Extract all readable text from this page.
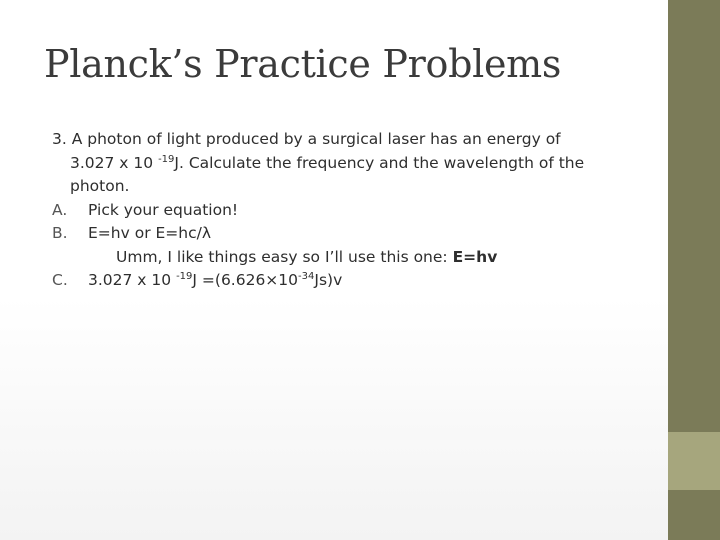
Planck’s Practice Problems
3. A photon of light produced by a surgical laser has an energy of
3.027 x 10 $^{-19}$J. Calculate the frequency and the wavelength of the
photon.
A. Pick your equation!
B. E=hv or E=hc/λ
Umm, I like things easy so I’ll use this one: E=hv
C. 3.027 x 10 $^{-19}J =(6.626\times 10^{-34}Js)v$
